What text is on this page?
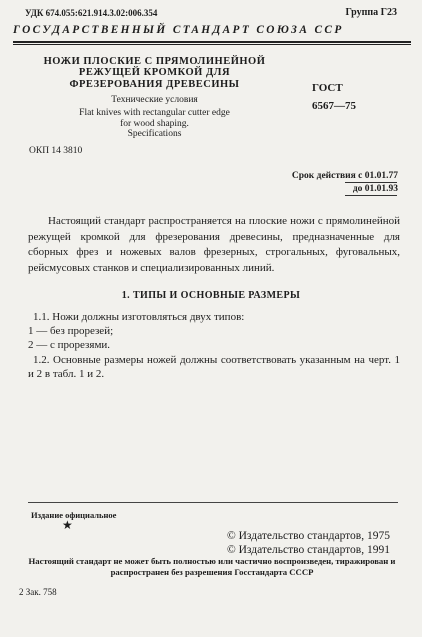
УДК 674.055:621.914.3.02:006.354	Группа Г23
ГОСУДАРСТВЕННЫЙ СТАНДАРТ СОЮЗА ССР
НОЖИ ПЛОСКИЕ С ПРЯМОЛИНЕЙНОЙ
РЕЖУЩЕЙ КРОМКОЙ ДЛЯ
ФРЕЗЕРОВАНИЯ ДРЕВЕСИНЫ
Технические условия
Flat knives with rectangular cutter edge
for wood shaping.
Specifications
ГОСТ
6567—75
ОКП 14 3810
Срок действия с 01.01.77
до 01.01.93

Настоящий стандарт распространяется на плоские ножи с прямолинейной режущей кромкой для фрезерования древесины, предназначенные для сборных фрез и ножевых валов фрезерных, строгальных, фуговальных, рейсмусовых станков и специализированных линий.

1. ТИПЫ И ОСНОВНЫЕ РАЗМЕРЫ
1.1. Ножи должны изготовляться двух типов:
1 — без прорезей;
2 — с прорезями.

1.2. Основные размеры ножей должны соответствовать указанным на черт. 1 и 2 в табл. 1 и 2.

Издание официальное
★
© Издательство стандартов, 1975
© Издательство стандартов, 1991
Настоящий стандарт не может быть полностью или частично воспроизведен, тиражирован и распространен без разрешения Госстандарта СССР
2 Зак. 758
